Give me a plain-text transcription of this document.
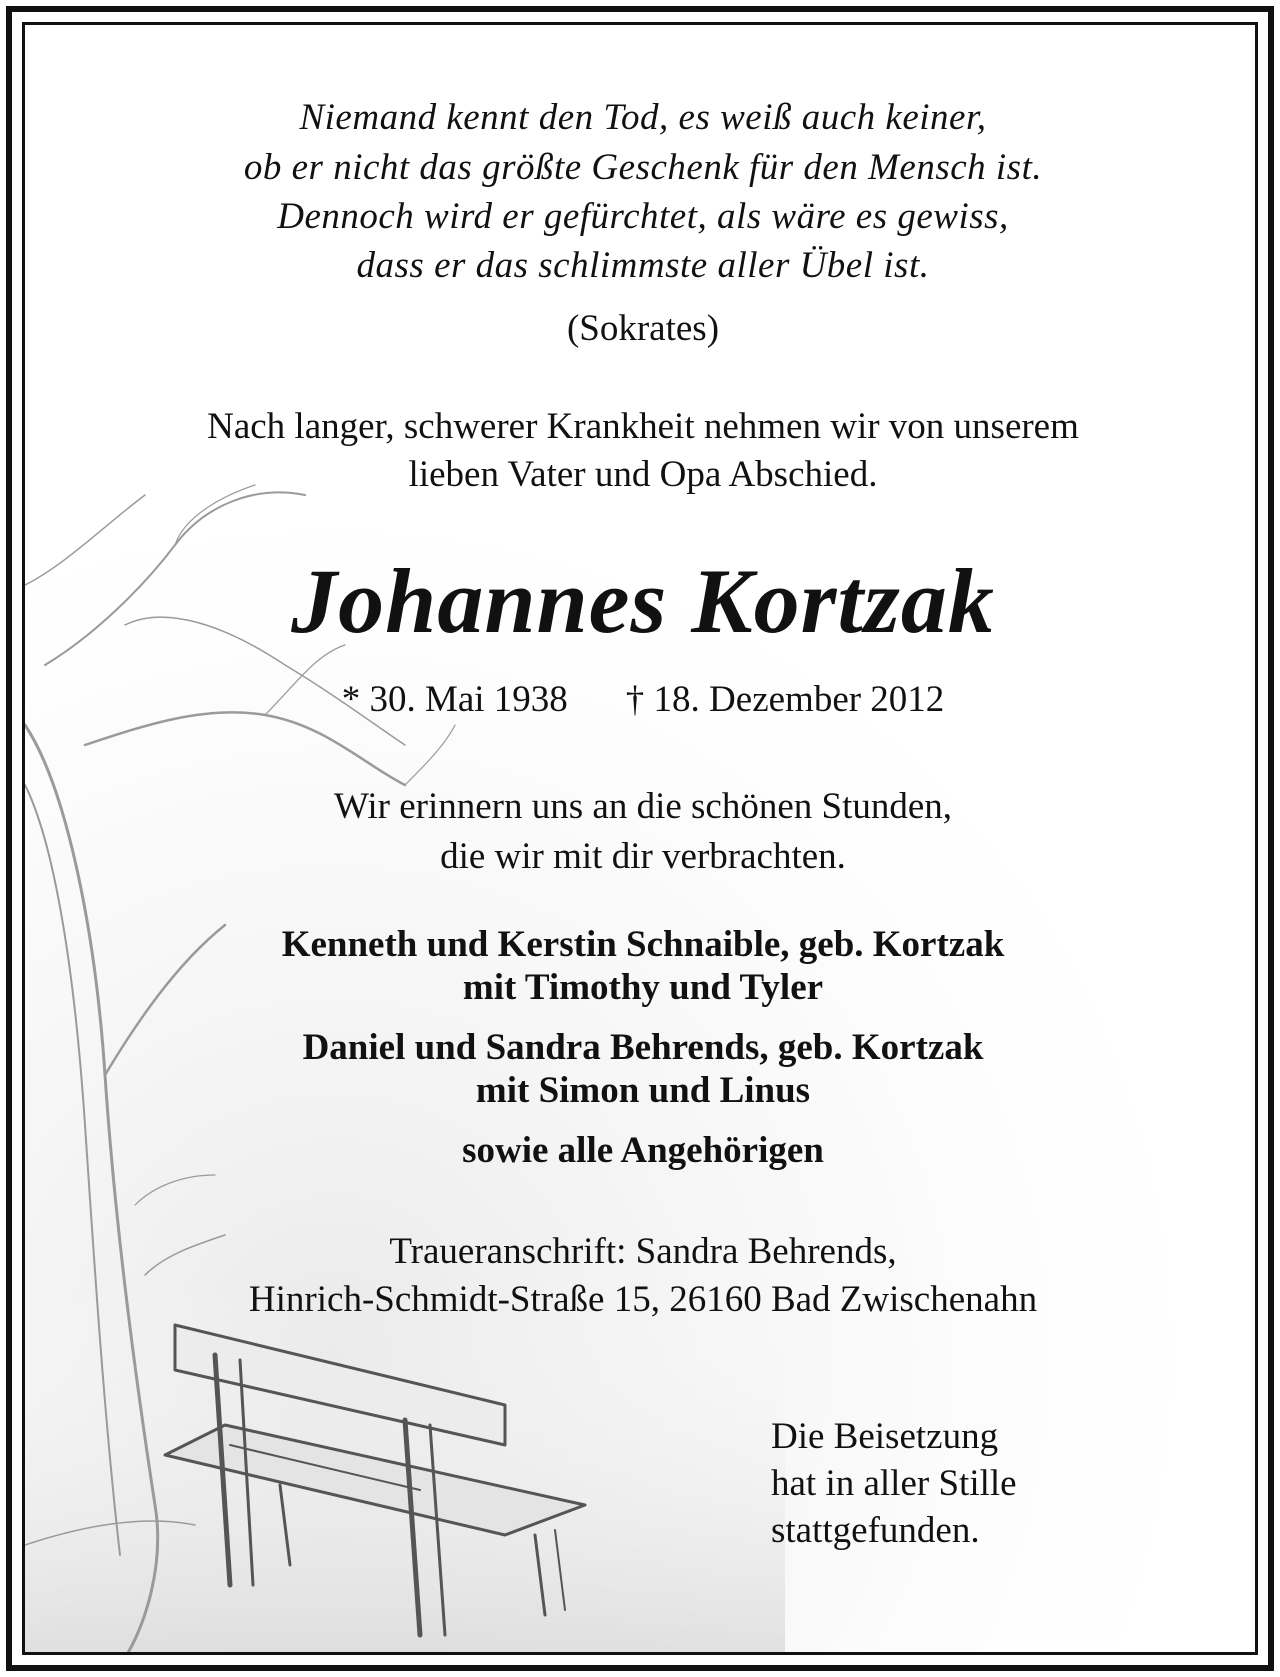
Niemand kennt den Tod, es weiß auch keiner,

ob er nicht das größte Geschenk für den Mensch ist.

Dennoch wird er gefürchtet, als wäre es gewiss,

dass er das schlimmste aller Übel ist.

(Sokrates)

Nach langer, schwerer Krankheit nehmen wir von unserem

lieben Vater und Opa Abschied.

Johannes Kortzak

* 30. Mai 1938 † 18. Dezember 2012

Wir erinnern uns an die schönen Stunden,

die wir mit dir verbrachten.

Kenneth und Kerstin Schnaible, geb. Kortzak

mit Timothy und Tyler

Daniel und Sandra Behrends, geb. Kortzak

mit Simon und Linus

sowie alle Angehörigen

Traueranschrift: Sandra Behrends,

Hinrich-Schmidt-Straße 15, 26160 Bad Zwischenahn

Die Beisetzung

hat in aller Stille

stattgefunden.
